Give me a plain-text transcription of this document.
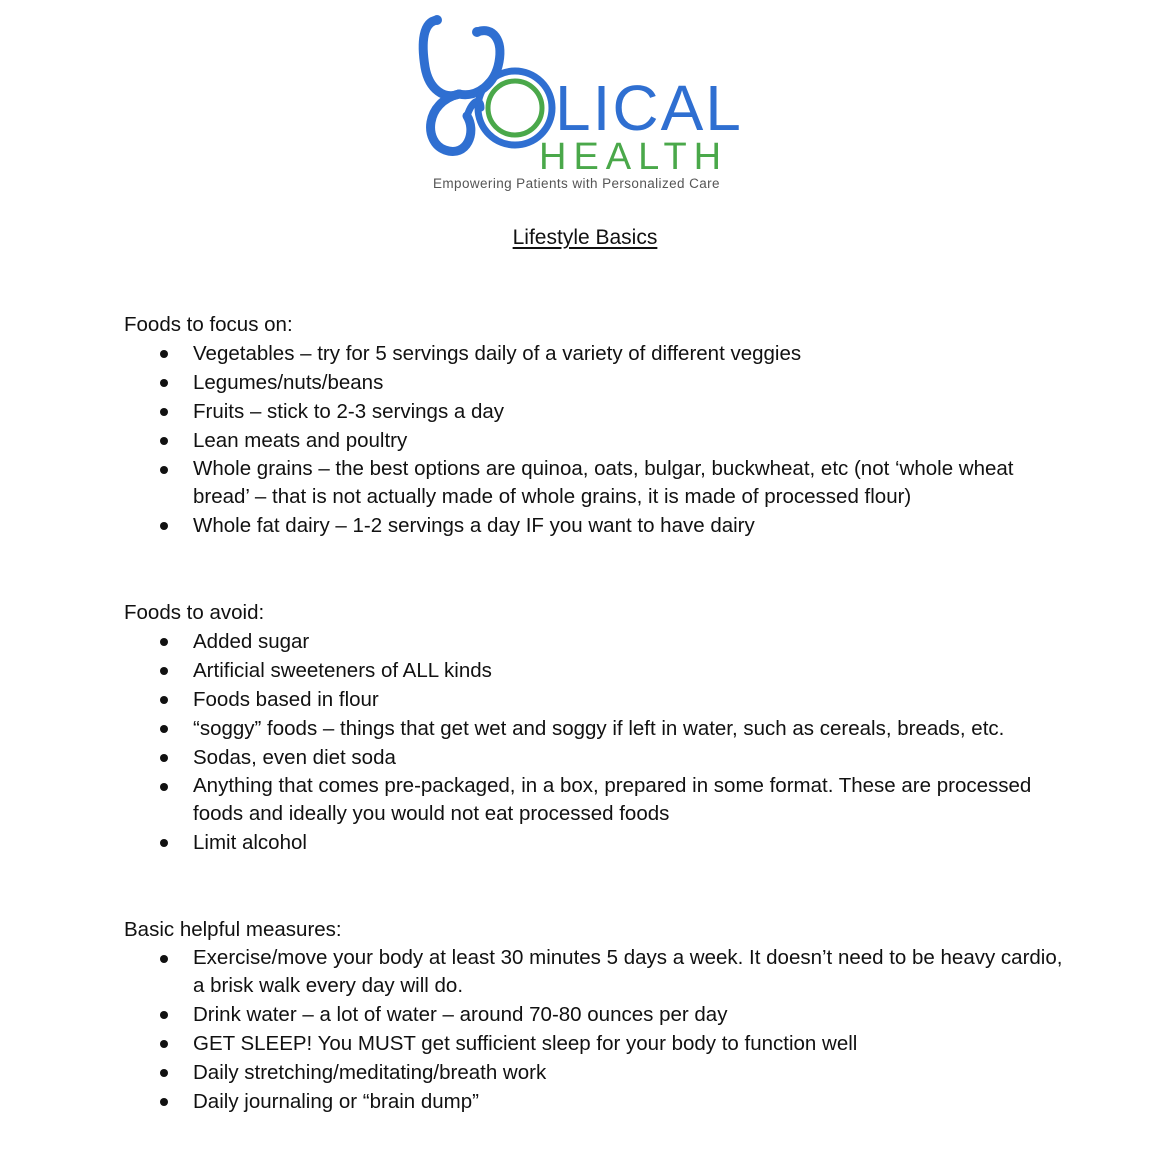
LICAL
HEALTH
Empowering Patients with Personalized Care
Lifestyle Basics

Foods to focus on:

Vegetables – try for 5 servings daily of a variety of different veggies
Legumes/nuts/beans
Fruits – stick to 2-3 servings a day
Lean meats and poultry
Whole grains – the best options are quinoa, oats, bulgar, buckwheat, etc (not ‘whole wheat bread’ – that is not actually made of whole grains, it is made of processed flour)
Whole fat dairy – 1-2 servings a day IF you want to have dairy

Foods to avoid:

Added sugar
Artificial sweeteners of ALL kinds
Foods based in flour
“soggy” foods – things that get wet and soggy if left in water, such as cereals, breads, etc.
Sodas, even diet soda
Anything that comes pre-packaged, in a box, prepared in some format. These are processed foods and ideally you would not eat processed foods
Limit alcohol

Basic helpful measures:

Exercise/move your body at least 30 minutes 5 days a week. It doesn’t need to be heavy cardio, a brisk walk every day will do.
Drink water – a lot of water – around 70-80 ounces per day
GET SLEEP! You MUST get sufficient sleep for your body to function well
Daily stretching/meditating/breath work
Daily journaling or “brain dump”
